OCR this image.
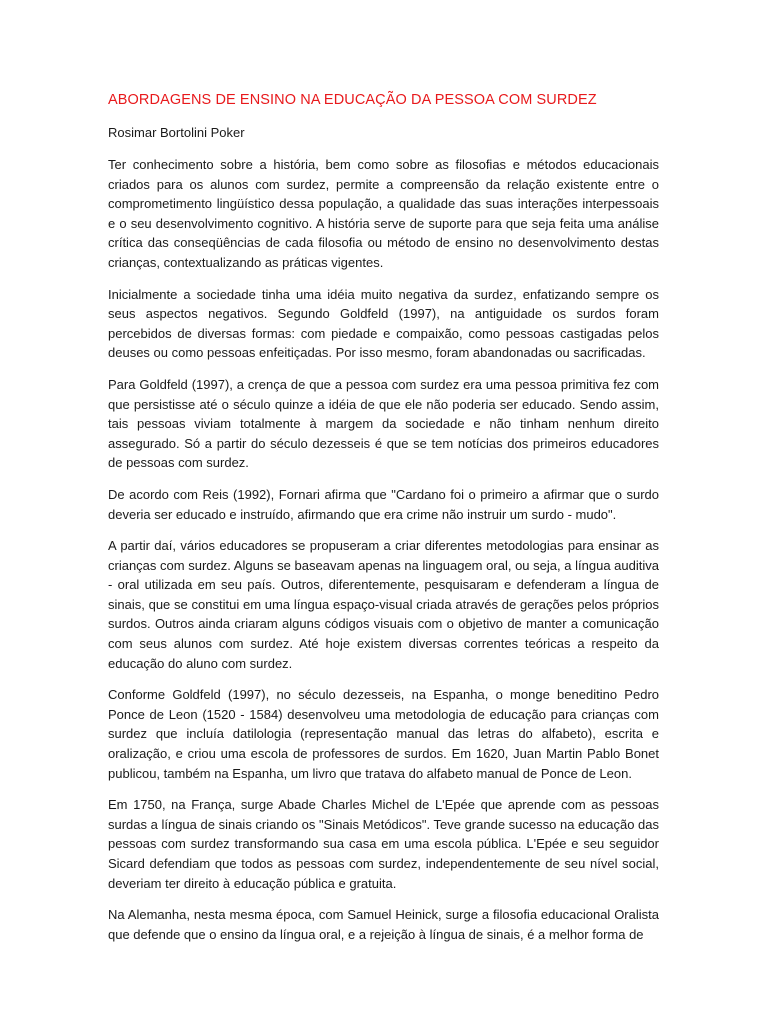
ABORDAGENS DE ENSINO NA EDUCAÇÃO DA PESSOA COM SURDEZ

Rosimar Bortolini Poker

Ter conhecimento sobre a história, bem como sobre as filosofias e métodos educacionais criados para os alunos com surdez, permite a compreensão da relação existente entre o comprometimento lingüístico dessa população, a qualidade das suas interações interpessoais e o seu desenvolvimento cognitivo. A história serve de suporte para que seja feita uma análise crítica das conseqüências de cada filosofia ou método de ensino no desenvolvimento destas crianças, contextualizando as práticas vigentes.

Inicialmente a sociedade tinha uma idéia muito negativa da surdez, enfatizando sempre os seus aspectos negativos. Segundo Goldfeld (1997), na antiguidade os surdos foram percebidos de diversas formas: com piedade e compaixão, como pessoas castigadas pelos deuses ou como pessoas enfeitiçadas. Por isso mesmo, foram abandonadas ou sacrificadas.

Para Goldfeld (1997), a crença de que a pessoa com surdez era uma pessoa primitiva fez com que persistisse até o século quinze a idéia de que ele não poderia ser educado. Sendo assim, tais pessoas viviam totalmente à margem da sociedade e não tinham nenhum direito assegurado. Só a partir do século dezesseis é que se tem notícias dos primeiros educadores de pessoas com surdez.

De acordo com Reis (1992), Fornari afirma que "Cardano foi o primeiro a afirmar que o surdo deveria ser educado e instruído, afirmando que era crime não instruir um surdo - mudo".

A partir daí, vários educadores se propuseram a criar diferentes metodologias para ensinar as crianças com surdez. Alguns se baseavam apenas na linguagem oral, ou seja, a língua auditiva - oral utilizada em seu país. Outros, diferentemente, pesquisaram e defenderam a língua de sinais, que se constitui em uma língua espaço-visual criada através de gerações pelos próprios surdos. Outros ainda criaram alguns códigos visuais com o objetivo de manter a comunicação com seus alunos com surdez. Até hoje existem diversas correntes teóricas a respeito da educação do aluno com surdez.

Conforme Goldfeld (1997), no século dezesseis, na Espanha, o monge beneditino Pedro Ponce de Leon (1520 - 1584) desenvolveu uma metodologia de educação para crianças com surdez que incluía datilologia (representação manual das letras do alfabeto), escrita e oralização, e criou uma escola de professores de surdos. Em 1620, Juan Martin Pablo Bonet publicou, também na Espanha, um livro que tratava do alfabeto manual de Ponce de Leon.

Em 1750, na França, surge Abade Charles Michel de L'Epée que aprende com as pessoas surdas a língua de sinais criando os "Sinais Metódicos". Teve grande sucesso na educação das pessoas com surdez transformando sua casa em uma escola pública. L'Epée e seu seguidor Sicard defendiam que todos as pessoas com surdez, independentemente de seu nível social, deveriam ter direito à educação pública e gratuita.

Na Alemanha, nesta mesma época, com Samuel Heinick, surge a filosofia educacional Oralista que defende que o ensino da língua oral, e a rejeição à língua de sinais, é a melhor forma de
